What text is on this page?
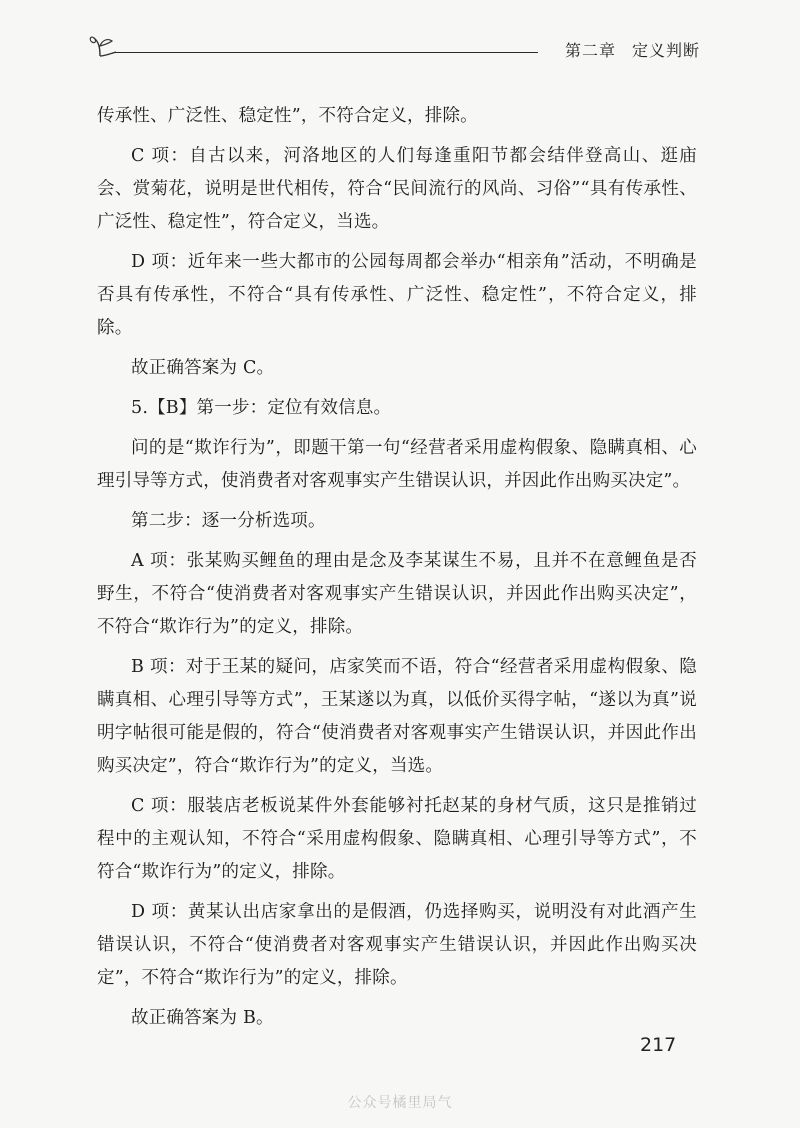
第二章 定义判断

传承性、广泛性、稳定性”，不符合定义，排除。

C 项：自古以来，河洛地区的人们每逢重阳节都会结伴登高山、逛庙会、赏菊花，说明是世代相传，符合“民间流行的风尚、习俗”“具有传承性、广泛性、稳定性”，符合定义，当选。

D 项：近年来一些大都市的公园每周都会举办“相亲角”活动，不明确是否具有传承性，不符合“具有传承性、广泛性、稳定性”，不符合定义，排除。

故正确答案为 C。

5.【B】第一步：定位有效信息。

问的是“欺诈行为”，即题干第一句“经营者采用虚构假象、隐瞒真相、心理引导等方式，使消费者对客观事实产生错误认识，并因此作出购买决定”。

第二步：逐一分析选项。

A 项：张某购买鲤鱼的理由是念及李某谋生不易，且并不在意鲤鱼是否野生，不符合“使消费者对客观事实产生错误认识，并因此作出购买决定”，不符合“欺诈行为”的定义，排除。

B 项：对于王某的疑问，店家笑而不语，符合“经营者采用虚构假象、隐瞒真相、心理引导等方式”，王某遂以为真，以低价买得字帖，“遂以为真”说明字帖很可能是假的，符合“使消费者对客观事实产生错误认识，并因此作出购买决定”，符合“欺诈行为”的定义，当选。

C 项：服装店老板说某件外套能够衬托赵某的身材气质，这只是推销过程中的主观认知，不符合“采用虚构假象、隐瞒真相、心理引导等方式”，不符合“欺诈行为”的定义，排除。

D 项：黄某认出店家拿出的是假酒，仍选择购买，说明没有对此酒产生错误认识，不符合“使消费者对客观事实产生错误认识，并因此作出购买决定”，不符合“欺诈行为”的定义，排除。

故正确答案为 B。

217
公众号橘里局气
